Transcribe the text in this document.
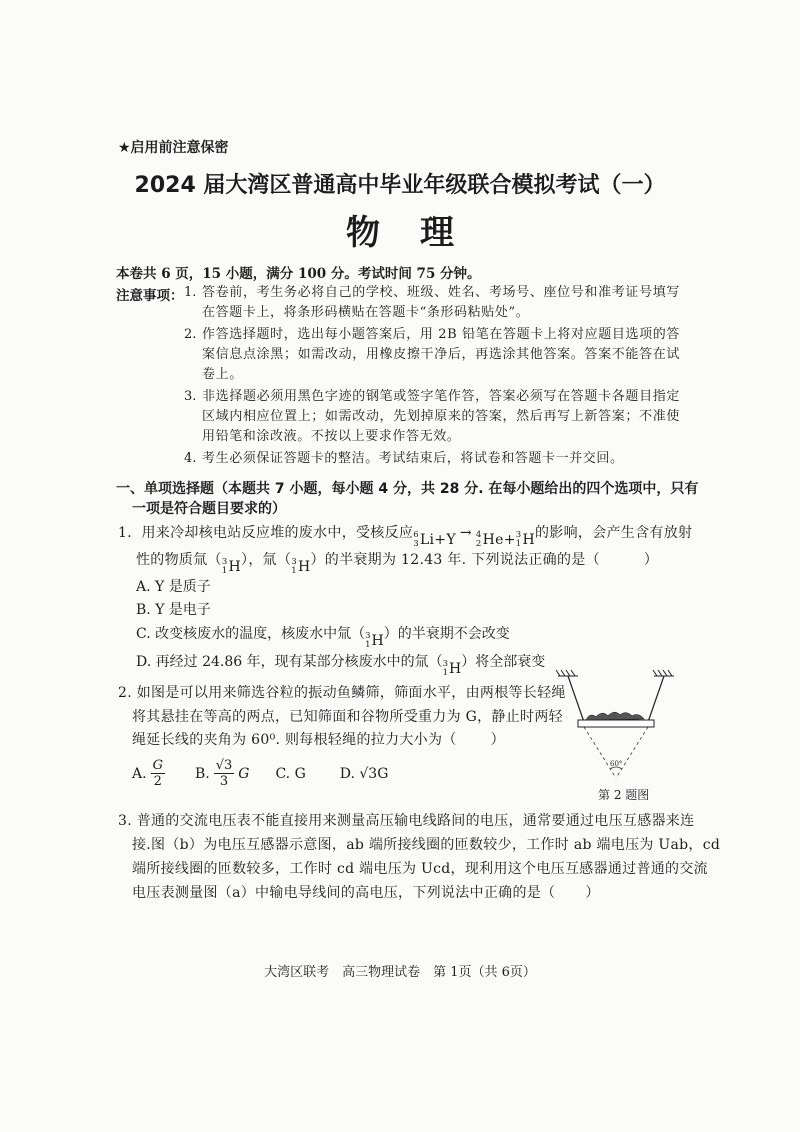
★启用前注意保密
2024 届大湾区普通高中毕业年级联合模拟考试（一）
物理
本卷共 6 页，15 小题，满分 100 分。考试时间 75 分钟。
注意事项： 1. 答卷前，考生务必将自己的学校、班级、姓名、考场号、座位号和准考证号填写在答题卡上，将条形码横贴在答题卡“条形码粘贴处”。
2. 作答选择题时，选出每小题答案后，用 2B 铅笔在答题卡上将对应题目选项的答案信息点涂黑；如需改动，用橡皮擦干净后，再选涂其他答案。答案不能答在试卷上。
3. 非选择题必须用黑色字迹的钢笔或签字笔作答，答案必须写在答题卡各题目指定区域内相应位置上；如需改动，先划掉原来的答案，然后再写上新答案；不准使用铅笔和涂改液。不按以上要求作答无效。
4. 考生必须保证答题卡的整洁。考试结束后，将试卷和答题卡一并交回。
一、单项选择题（本题共 7 小题，每小题 4 分，共 28 分. 在每小题给出的四个选项中，只有
一项是符合题目要求的）
1．用来冷却核电站反应堆的废水中，受核反应 6
3 Li+Y → 4
2 He+ 3
1 H 的影响，会产生含有放射
性的物质氚（ 3
1 H ），氚（ 3
1 H ）的半衰期为 12.43 年. 下列说法正确的是（	）
A. Y 是质子
B. Y 是电子
C. 改变核废水的温度，核废水中氚（ 3
1 H ）的半衰期不会改变
D. 再经过 24.86 年，现有某部分核废水中的氚（ 3
1 H ）将全部衰变
2. 如图是可以用来筛选谷粒的振动鱼鳞筛，筛面水平，由两根等长轻绳
将其悬挂在等高的两点，已知筛面和谷物所受重力为 G，静止时两轻
绳延长线的夹角为 60⁰. 则每根轻绳的拉力大小为（ ）
A. $\frac{G}{2} B$. $\frac{√3}{3}$ G C. G D. √3G
60°
第 2 题图
3. 普通的交流电压表不能直接用来测量高压输电线路间的电压，通常要通过电压互感器来连
接.图（b）为电压互感器示意图，ab 端所接线圈的匝数较少，工作时 ab 端电压为 Uab，cd
端所接线圈的匝数较多，工作时 cd 端电压为 Ucd，现利用这个电压互感器通过普通的交流
电压表测量图（a）中输电导线间的高电压，下列说法中正确的是（ ）
大湾区联考　高三物理试卷　第 1页（共 6页）
